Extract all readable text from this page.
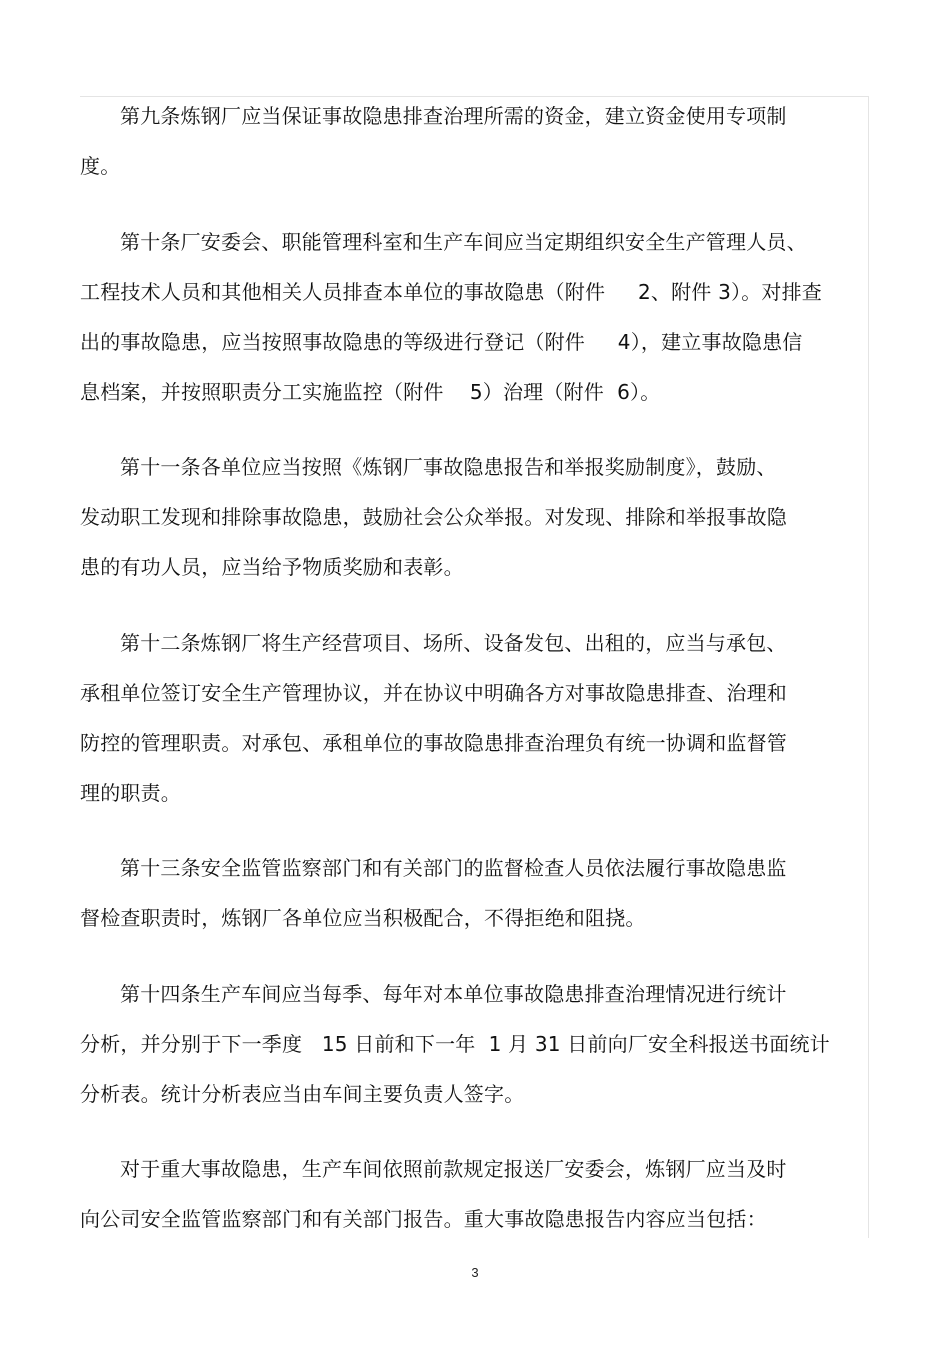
第九条炼钢厂应当保证事故隐患排查治理所需的资金，建立资金使用专项制
度。
第十条厂安委会、职能管理科室和生产车间应当定期组织安全生产管理人员、
工程技术人员和其他相关人员排查本单位的事故隐患（附件     2、附件 3）。对排查
出的事故隐患，应当按照事故隐患的等级进行登记（附件     4），建立事故隐患信
息档案，并按照职责分工实施监控（附件    5）治理（附件  6）。
第十一条各单位应当按照《炼钢厂事故隐患报告和举报奖励制度》，鼓励、
发动职工发现和排除事故隐患，鼓励社会公众举报。对发现、排除和举报事故隐
患的有功人员，应当给予物质奖励和表彰。
第十二条炼钢厂将生产经营项目、场所、设备发包、出租的，应当与承包、
承租单位签订安全生产管理协议，并在协议中明确各方对事故隐患排查、治理和
防控的管理职责。对承包、承租单位的事故隐患排查治理负有统一协调和监督管
理的职责。
第十三条安全监管监察部门和有关部门的监督检查人员依法履行事故隐患监
督检查职责时，炼钢厂各单位应当积极配合，不得拒绝和阻挠。
第十四条生产车间应当每季、每年对本单位事故隐患排查治理情况进行统计
分析，并分别于下一季度   15 日前和下一年  1 月 31 日前向厂安全科报送书面统计
分析表。统计分析表应当由车间主要负责人签字。
对于重大事故隐患，生产车间依照前款规定报送厂安委会，炼钢厂应当及时
向公司安全监管监察部门和有关部门报告。重大事故隐患报告内容应当包括：
3
